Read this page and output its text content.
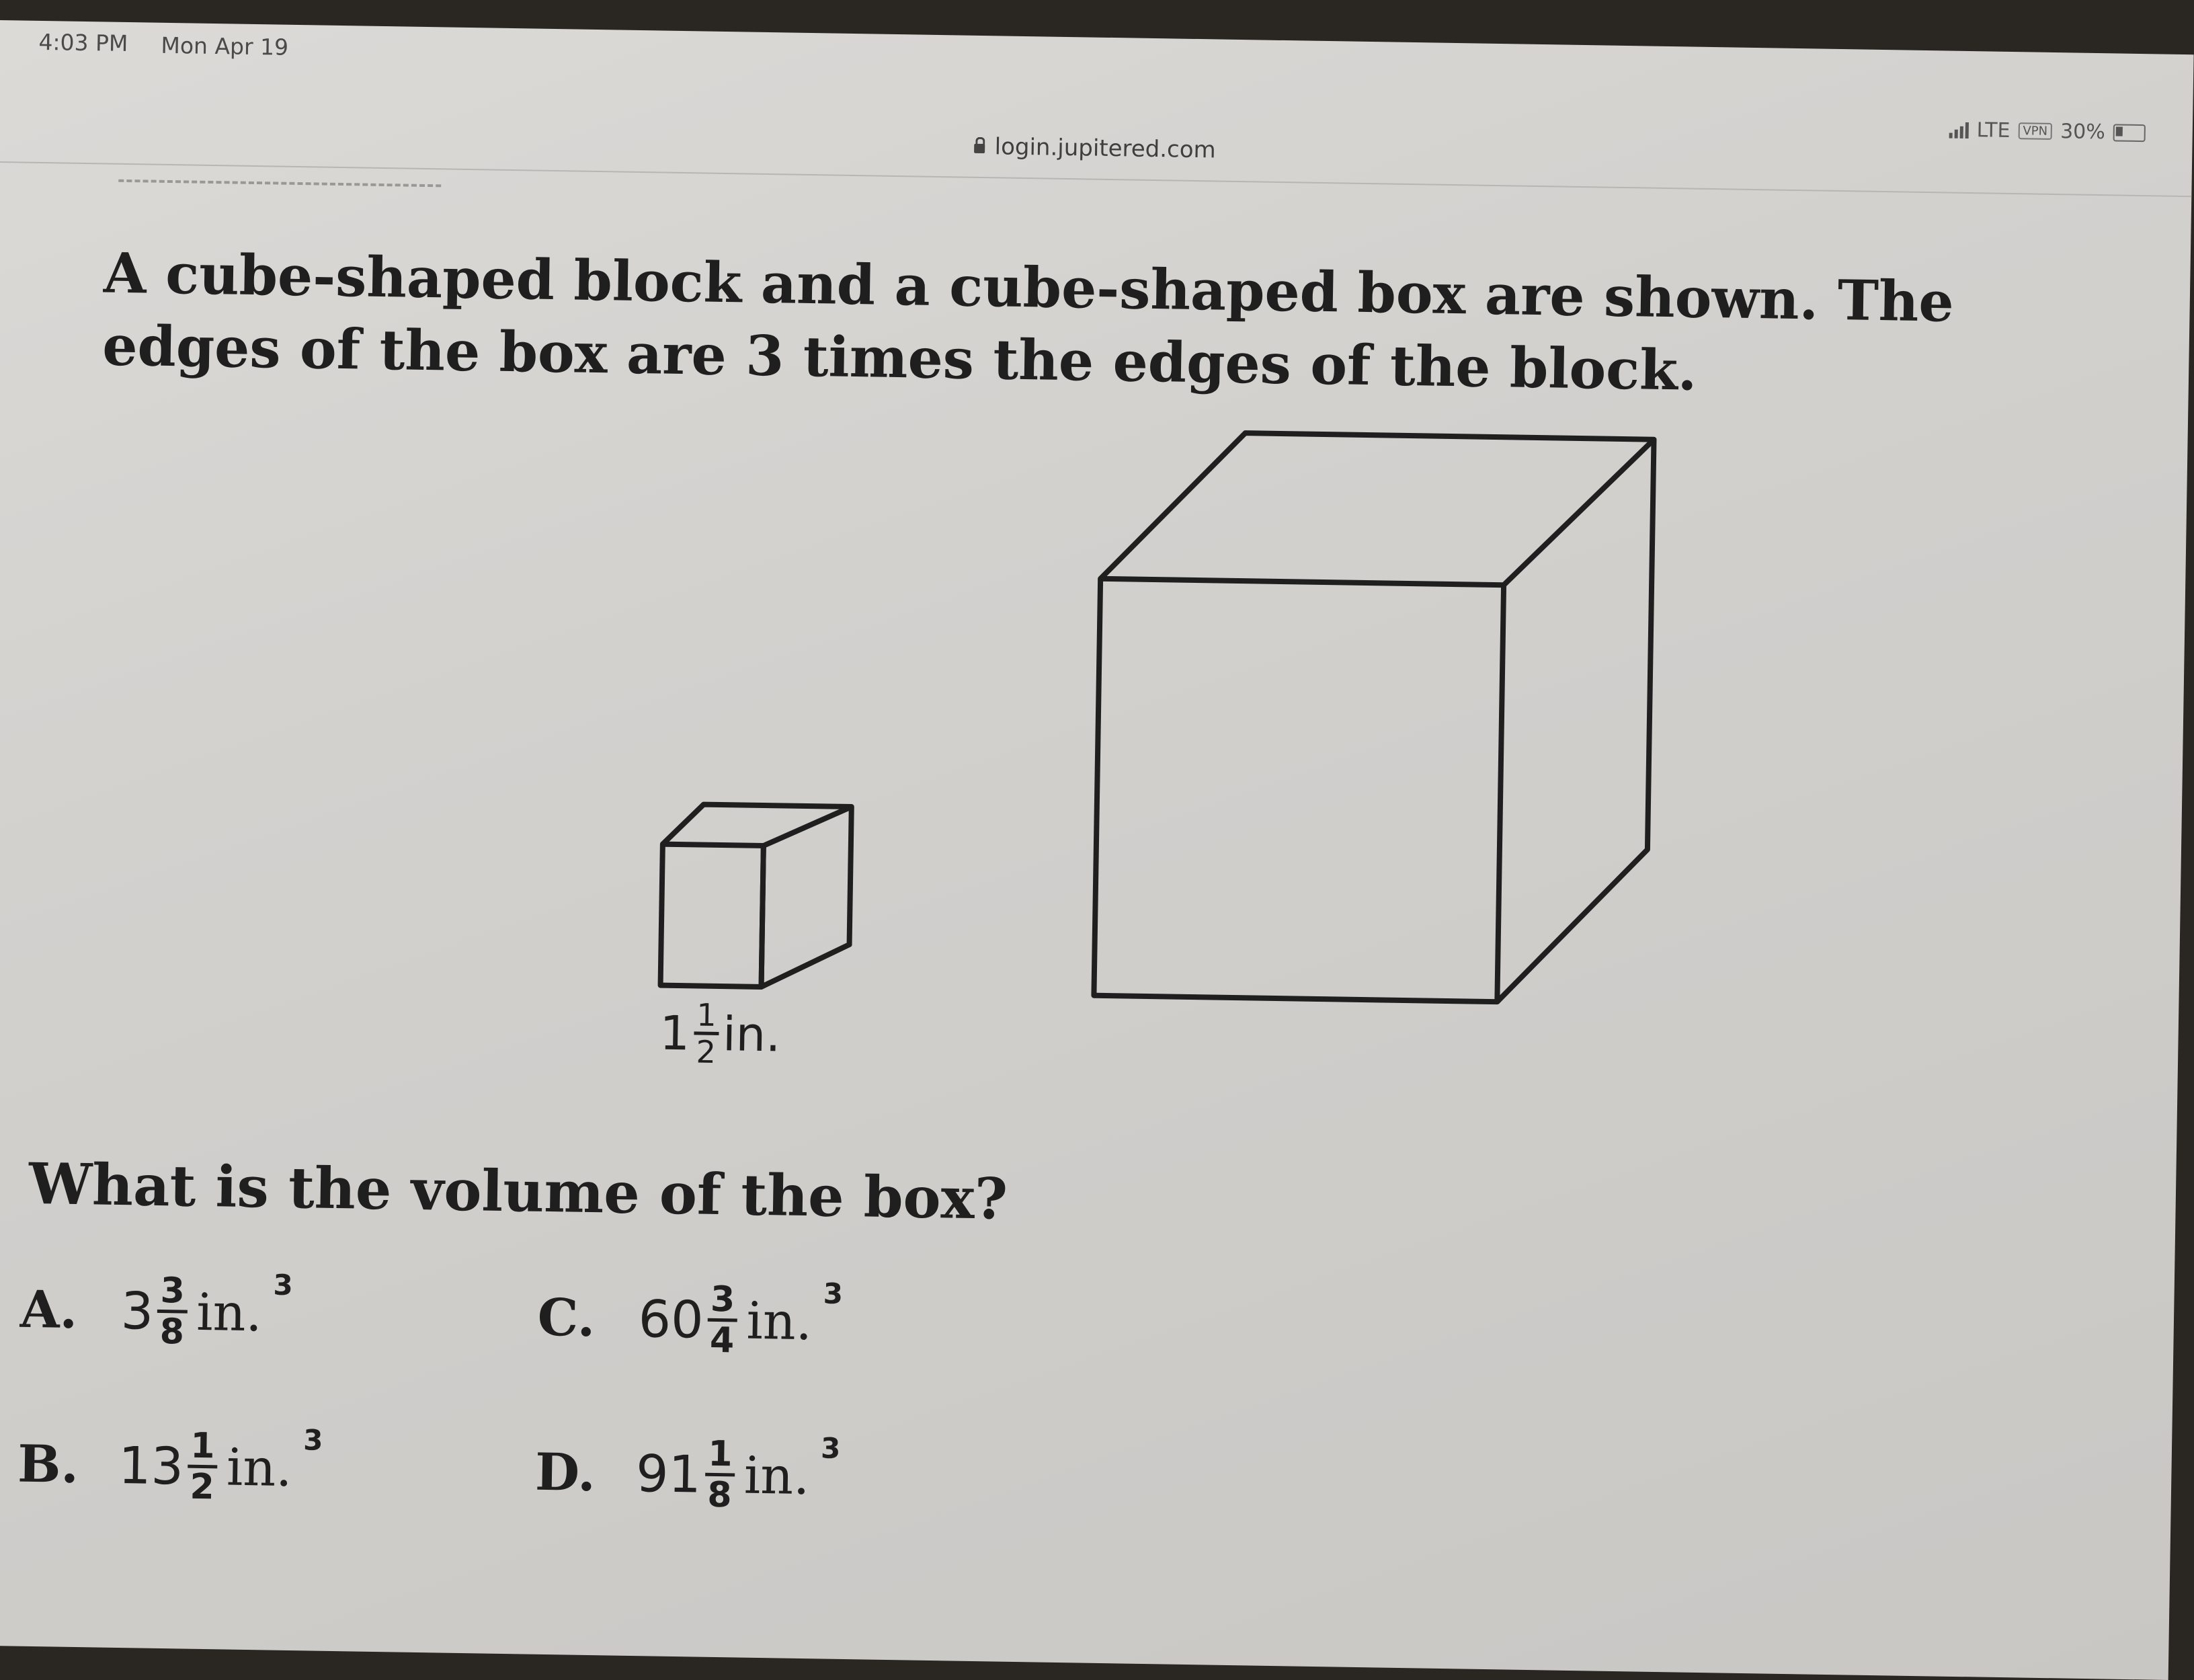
4:03 PM Mon Apr 19
LTE	VPN 30%
login.jupitered.com
A cube-shaped block and a cube-shaped box are shown. The edges of the box are 3 times the edges of the block.
$1 \frac{1}{2}$ in.
What is the volume of the box?
A. $3 \frac{3}{8}$ in. 3
B. $13 \frac{1}{2}$ in. 3
C. $60 \frac{3}{4}$ in. 3
D. $91 \frac{1}{8}$ in. 3
